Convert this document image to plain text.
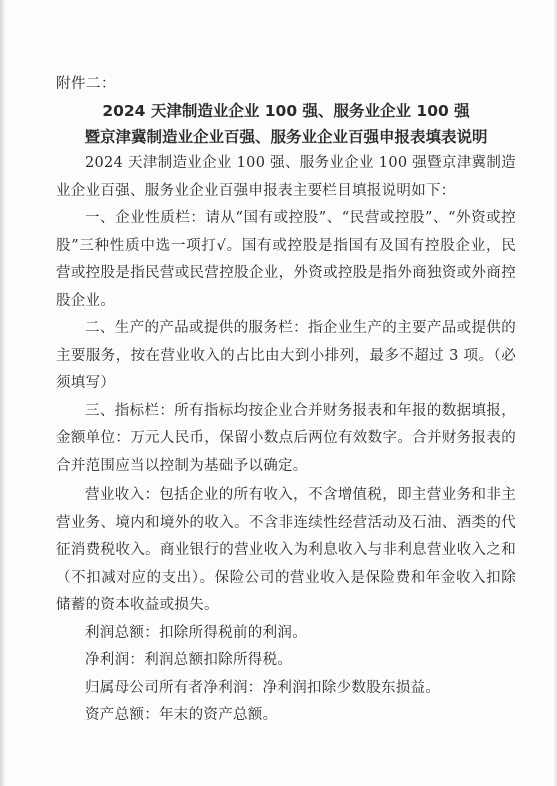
附件二：

2024 天津制造业企业 100 强、服务业企业 100 强
暨京津冀制造业企业百强、服务业企业百强申报表填表说明

2024 天津制造业企业 100 强、服务业企业 100 强暨京津冀制造业企业百强、服务业企业百强申报表主要栏目填报说明如下：

一、企业性质栏：请从“国有或控股”、“民营或控股”、“外资或控股”三种性质中选一项打√。国有或控股是指国有及国有控股企业，民营或控股是指民营或民营控股企业，外资或控股是指外商独资或外商控股企业。

二、生产的产品或提供的服务栏：指企业生产的主要产品或提供的主要服务，按在营业收入的占比由大到小排列，最多不超过 3 项。（必须填写）

三、指标栏：所有指标均按企业合并财务报表和年报的数据填报，金额单位：万元人民币，保留小数点后两位有效数字。合并财务报表的合并范围应当以控制为基础予以确定。

营业收入：包括企业的所有收入，不含增值税，即主营业务和非主营业务、境内和境外的收入。不含非连续性经营活动及石油、酒类的代征消费税收入。商业银行的营业收入为利息收入与非利息营业收入之和（不扣减对应的支出）。保险公司的营业收入是保险费和年金收入扣除储蓄的资本收益或损失。

利润总额：扣除所得税前的利润。

净利润：利润总额扣除所得税。

归属母公司所有者净利润：净利润扣除少数股东损益。

资产总额：年末的资产总额。
